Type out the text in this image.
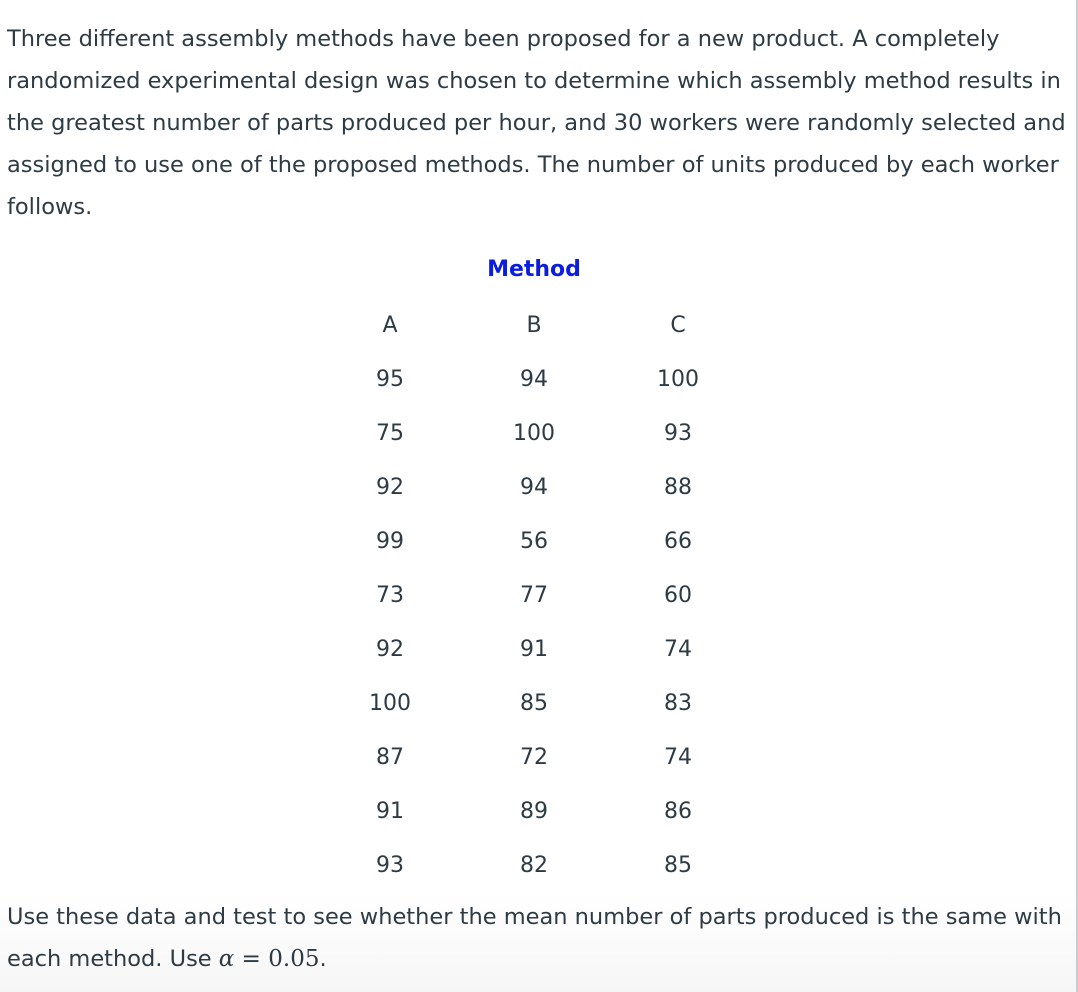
Three different assembly methods have been proposed for a new product. A completely randomized experimental design was chosen to determine which assembly method results in the greatest number of parts produced per hour, and 30 workers were randomly selected and assigned to use one of the proposed methods. The number of units produced by each worker follows.

Method
A	B	C
95	94	100
75	100	93
92	94	88
99	56	66
73	77	60
92	91	74
100	85	83
87	72	74
91	89	86
93	82	85

Use these data and test to see whether the mean number of parts produced is the same with each method. Use α = 0.05.
